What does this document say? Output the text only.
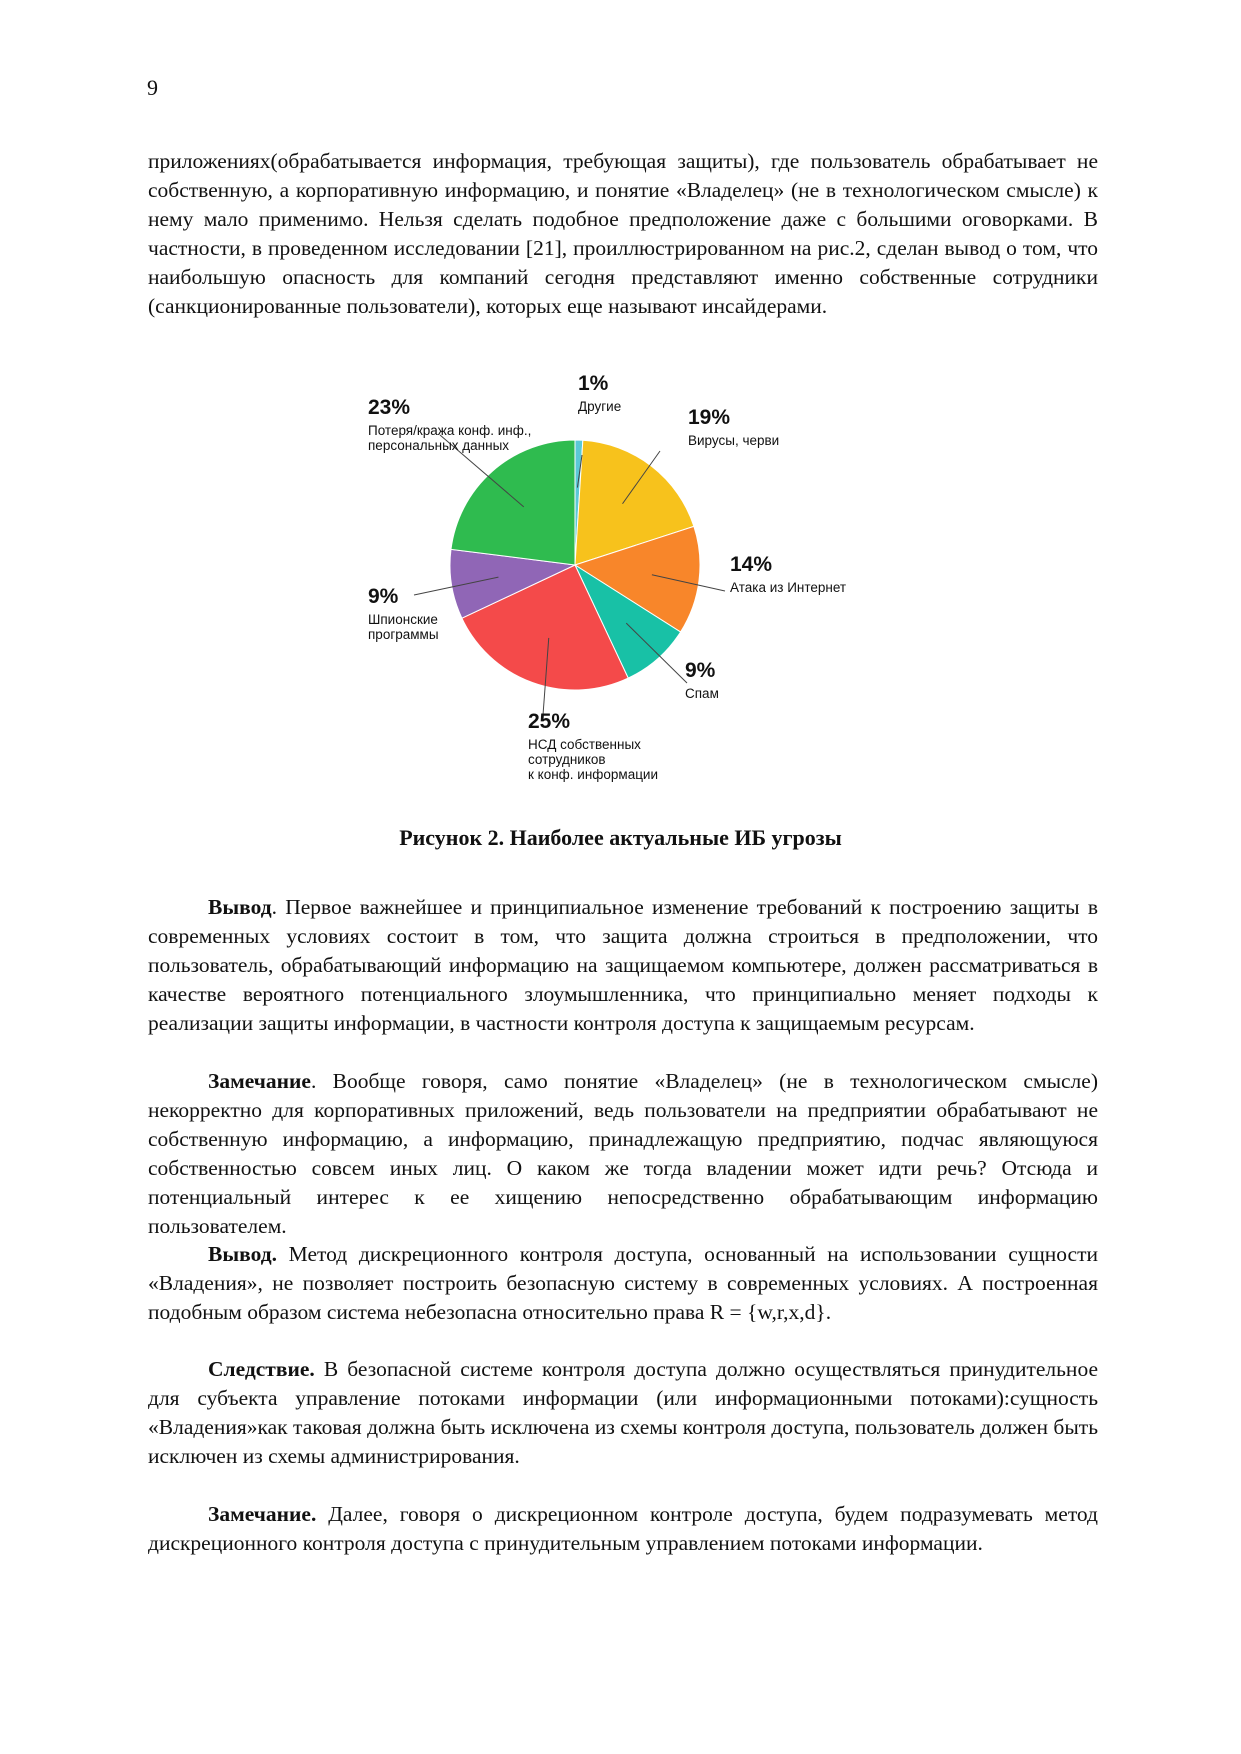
9

приложениях(обрабатывается информация, требующая защиты), где пользователь обрабатывает не собственную, а корпоративную информацию, и понятие «Владелец» (не в технологическом смысле) к нему мало применимо. Нельзя сделать подобное предположение даже с большими оговорками. В частности, в проведенном исследовании [21], проиллюстрированном на рис.2, сделан вывод о том, что наибольшую опасность для компаний сегодня представляют именно собственные сотрудники (санкционированные пользователи), которых еще называют инсайдерами.

1%
Другие	19%
Вирусы, черви
14%
Атака из Интернет
9%
Спам
25%
НСД собственных
сотрудников
к конф. информации
9%
Шпионские
программы
23%
Потеря/кража конф. инф.,
персональных данных
Рисунок 2. Наиболее актуальные ИБ угрозы

Вывод. Первое важнейшее и принципиальное изменение требований к построению защиты в современных условиях состоит в том, что защита должна строиться в предположении, что пользователь, обрабатывающий информацию на защищаемом компьютере, должен рассматриваться в качестве вероятного потенциального злоумышленника, что принципиально меняет подходы к реализации защиты информации, в частности контроля доступа к защищаемым ресурсам.

Замечание. Вообще говоря, само понятие «Владелец» (не в технологическом смысле) некорректно для корпоративных приложений, ведь пользователи на предприятии обрабатывают не собственную информацию, а информацию, принадлежащую предприятию, подчас являющуюся собственностью совсем иных лиц. О каком же тогда владении может идти речь? Отсюда и потенциальный интерес к ее хищению непосредственно обрабатывающим информацию пользователем.

Вывод. Метод дискреционного контроля доступа, основанный на использовании сущности «Владения», не позволяет построить безопасную систему в современных условиях. А построенная подобным образом система небезопасна относительно права R = {w,r,x,d}.

Следствие. В безопасной системе контроля доступа должно осуществляться принудительное для субъекта управление потоками информации (или информационными потоками):сущность «Владения»как таковая должна быть исключена из схемы контроля доступа, пользователь должен быть исключен из схемы администрирования.

Замечание. Далее, говоря о дискреционном контроле доступа, будем подразумевать метод дискреционного контроля доступа с принудительным управлением потоками информации.
